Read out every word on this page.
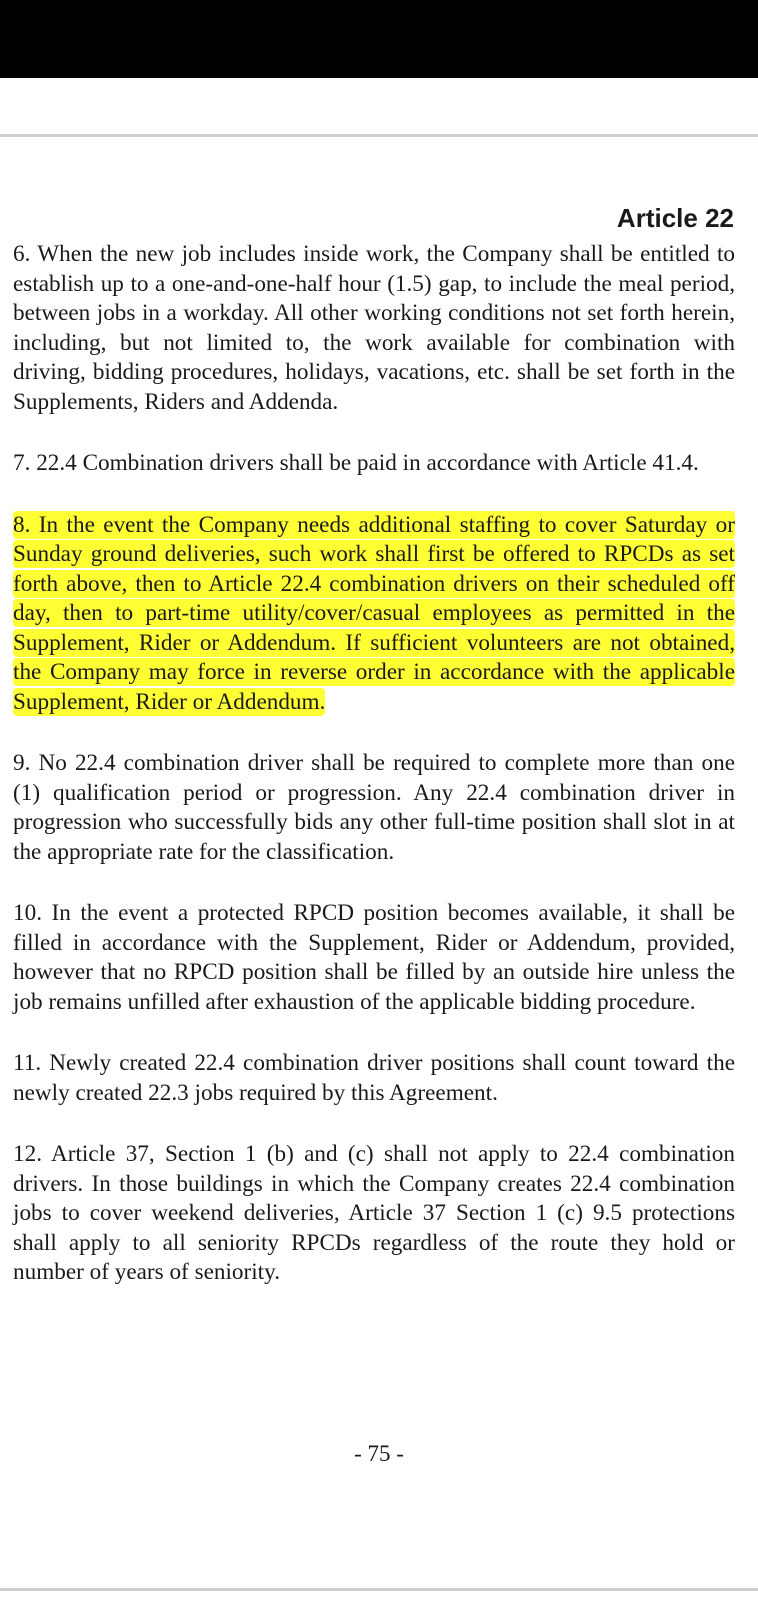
Article 22

6. When the new job includes inside work, the Company shall be entitled to establish up to a one-and-one-half hour (1.5) gap, to include the meal period, between jobs in a workday. All other working conditions not set forth herein, including, but not limited to, the work available for combination with driving, bidding procedures, holidays, vacations, etc. shall be set forth in the Supplements, Riders and Addenda.

7. 22.4 Combination drivers shall be paid in accordance with Article 41.4.

8. In the event the Company needs additional staffing to cover Saturday or Sunday ground deliveries, such work shall first be offered to RPCDs as set forth above, then to Article 22.4 combination drivers on their scheduled off day, then to part-time utility/cover/casual employees as permitted in the Supplement, Rider or Addendum. If sufficient volunteers are not obtained, the Company may force in reverse order in accordance with the applicable Supplement, Rider or Addendum.

9. No 22.4 combination driver shall be required to complete more than one (1) qualification period or progression. Any 22.4 combination driver in progression who successfully bids any other full-time position shall slot in at the appropriate rate for the classification.

10. In the event a protected RPCD position becomes available, it shall be filled in accordance with the Supplement, Rider or Addendum, provided, however that no RPCD position shall be filled by an outside hire unless the job remains unfilled after exhaustion of the applicable bidding procedure.

11. Newly created 22.4 combination driver positions shall count toward the newly created 22.3 jobs required by this Agreement.

12. Article 37, Section 1 (b) and (c) shall not apply to 22.4 combination drivers. In those buildings in which the Company creates 22.4 combination jobs to cover weekend deliveries, Article 37 Section 1 (c) 9.5 protections shall apply to all seniority RPCDs regardless of the route they hold or number of years of seniority.

- 75 -
